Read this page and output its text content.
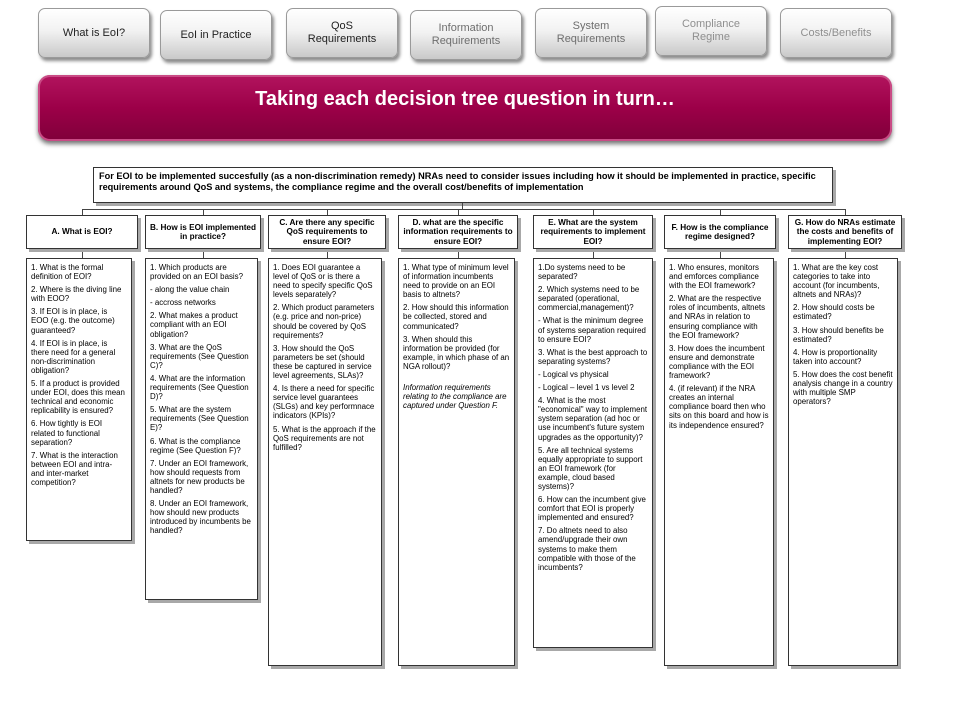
What is EoI?	EoI in Practice
QoS Requirements
Information Requirements
System Requirements
Compliance Regime	Costs/Benefits
Taking each decision tree question in turn…
For EOI to be implemented succesfully (as a non-discrimination remedy) NRAs need to consider issues including how it should be implemented in practice, specific requirements around QoS and systems, the compliance regime and the overall cost/benefits of implementation
A. What is EOI?
B. How is EOI implemented in practice?
C. Are there any specific QoS requirements to ensure EOI?
D. what are the specific information requirements to ensure EOI?
E. What are the system requirements to implement EOI?
F. How is the compliance regime designed?
G. How do NRAs estimate the costs and benefits of implementing EOI?

1. What is the formal definition of EOI?

2. Where is the diving line with EOO?

3. If EOI is in place, is EOO (e.g. the outcome) guaranteed?

4. If EOI is in place, is there need for a general non-discrimination obligation?

5. If a product is provided under EOI, does this mean technical and economic replicability is ensured?

6. How tightly is EOI related to functional separation?

7. What is the interaction between EOI and intra- and inter-market competition?

1. Which products are provided on an EOI basis?

- along the value chain

- accross networks

2. What makes a product compliant with an EOI obligation?

3. What are the QoS requirements (See Question C)?

4. What are the information requirements (See Question D)?

5. What are the system requirements (See Question E)?

6. What is the compliance regime (See Question F)?

7. Under an EOI framework, how should requests from altnets for new products be handled?

8. Under an EOI framework, how should new products introduced by incumbents be handled?

1. Does EOI guarantee a level of QoS or is there a need to specify specific QoS levels separately?

2. Which product parameters (e.g. price and non-price) should be covered by QoS requirements?

3. How should the QoS parameters be set (should these be captured in service level agreements, SLAs)?

4. Is there a need for specific service level guarantees (SLGs) and key performnace indicators (KPIs)?

5. What is the approach if the QoS requirements are not fulfilled?

1. What type of minimum level of information incumbents need to provide on an EOI basis to altnets?

2. How should this information be collected, stored and communicated?

3. When should this information be provided (for example, in which phase of an NGA rollout)?

Information requirements relating to the compliance are captured under Question F.

1.Do systems need to be separated?

2. Which systems need to be separated (operational, commercial,management)?

- What is the minimum degree of systems separation required to ensure EOI?

3. What is the best approach to separating systems?

- Logical vs physical

- Logical – level 1 vs level 2

4. What is the most "economical" way to implement system separation (ad hoc or use incumbent's future system upgrades as the opportunity)?

5. Are all technical systems equally appropriate to support an EOI framework (for example, cloud based systems)?

6. How can the incumbent give comfort that EOI is properly implemented and ensured?

7. Do altnets need to also amend/upgrade their own systems to make them compatible with those of the incumbents?

1. Who ensures, monitors and emforces compliance with the EOI framework?

2. What are the respective roles of incumbents, altnets and NRAs in relation to ensuring compliance with the EOI framework?

3. How does the incumbent ensure and demonstrate compliance with the EOI framework?

4. (if relevant) if the NRA creates an internal compliance board then who sits on this board and how is its independence ensured?

1. What are the key cost categories to take into account (for incumbents, altnets and NRAs)?

2. How should costs be estimated?

3. How should benefits be estimated?

4. How is proportionality taken into account?

5. How does the cost benefit analysis change in a country with multiple SMP operators?
